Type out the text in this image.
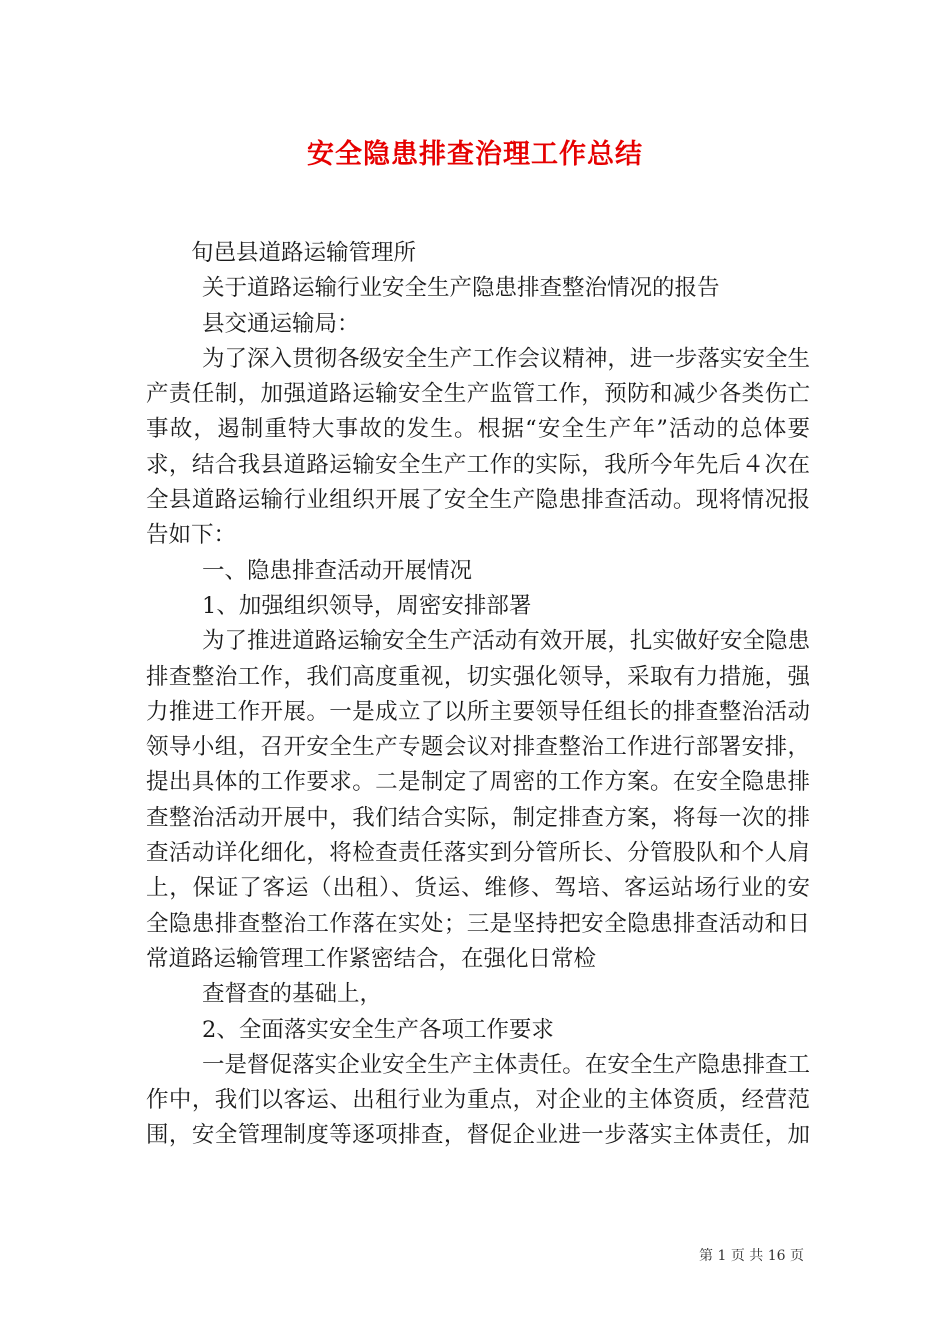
安全隐患排查治理工作总结
旬邑县道路运输管理所
关于道路运输行业安全生产隐患排查整治情况的报告
县交通运输局：
为了深入贯彻各级安全生产工作会议精神，进一步落实安全生
产责任制，加强道路运输安全生产监管工作，预防和减少各类伤亡
事故，遏制重特大事故的发生。根据“安全生产年”活动的总体要
求，结合我县道路运输安全生产工作的实际，我所今年先后４次在
全县道路运输行业组织开展了安全生产隐患排查活动。现将情况报
告如下：
一、隐患排查活动开展情况
1、加强组织领导，周密安排部署
为了推进道路运输安全生产活动有效开展，扎实做好安全隐患
排查整治工作，我们高度重视，切实强化领导，采取有力措施，强
力推进工作开展。一是成立了以所主要领导任组长的排查整治活动
领导小组，召开安全生产专题会议对排查整治工作进行部署安排，
提出具体的工作要求。二是制定了周密的工作方案。在安全隐患排
查整治活动开展中，我们结合实际，制定排查方案，将每一次的排
查活动详化细化，将检查责任落实到分管所长、分管股队和个人肩
上，保证了客运（出租）、货运、维修、驾培、客运站场行业的安
全隐患排查整治工作落在实处；三是坚持把安全隐患排查活动和日
常道路运输管理工作紧密结合，在强化日常检
查督查的基础上，
2、全面落实安全生产各项工作要求
一是督促落实企业安全生产主体责任。在安全生产隐患排查工
作中，我们以客运、出租行业为重点，对企业的主体资质，经营范
围，安全管理制度等逐项排查，督促企业进一步落实主体责任，加
第 1 页 共 16 页
